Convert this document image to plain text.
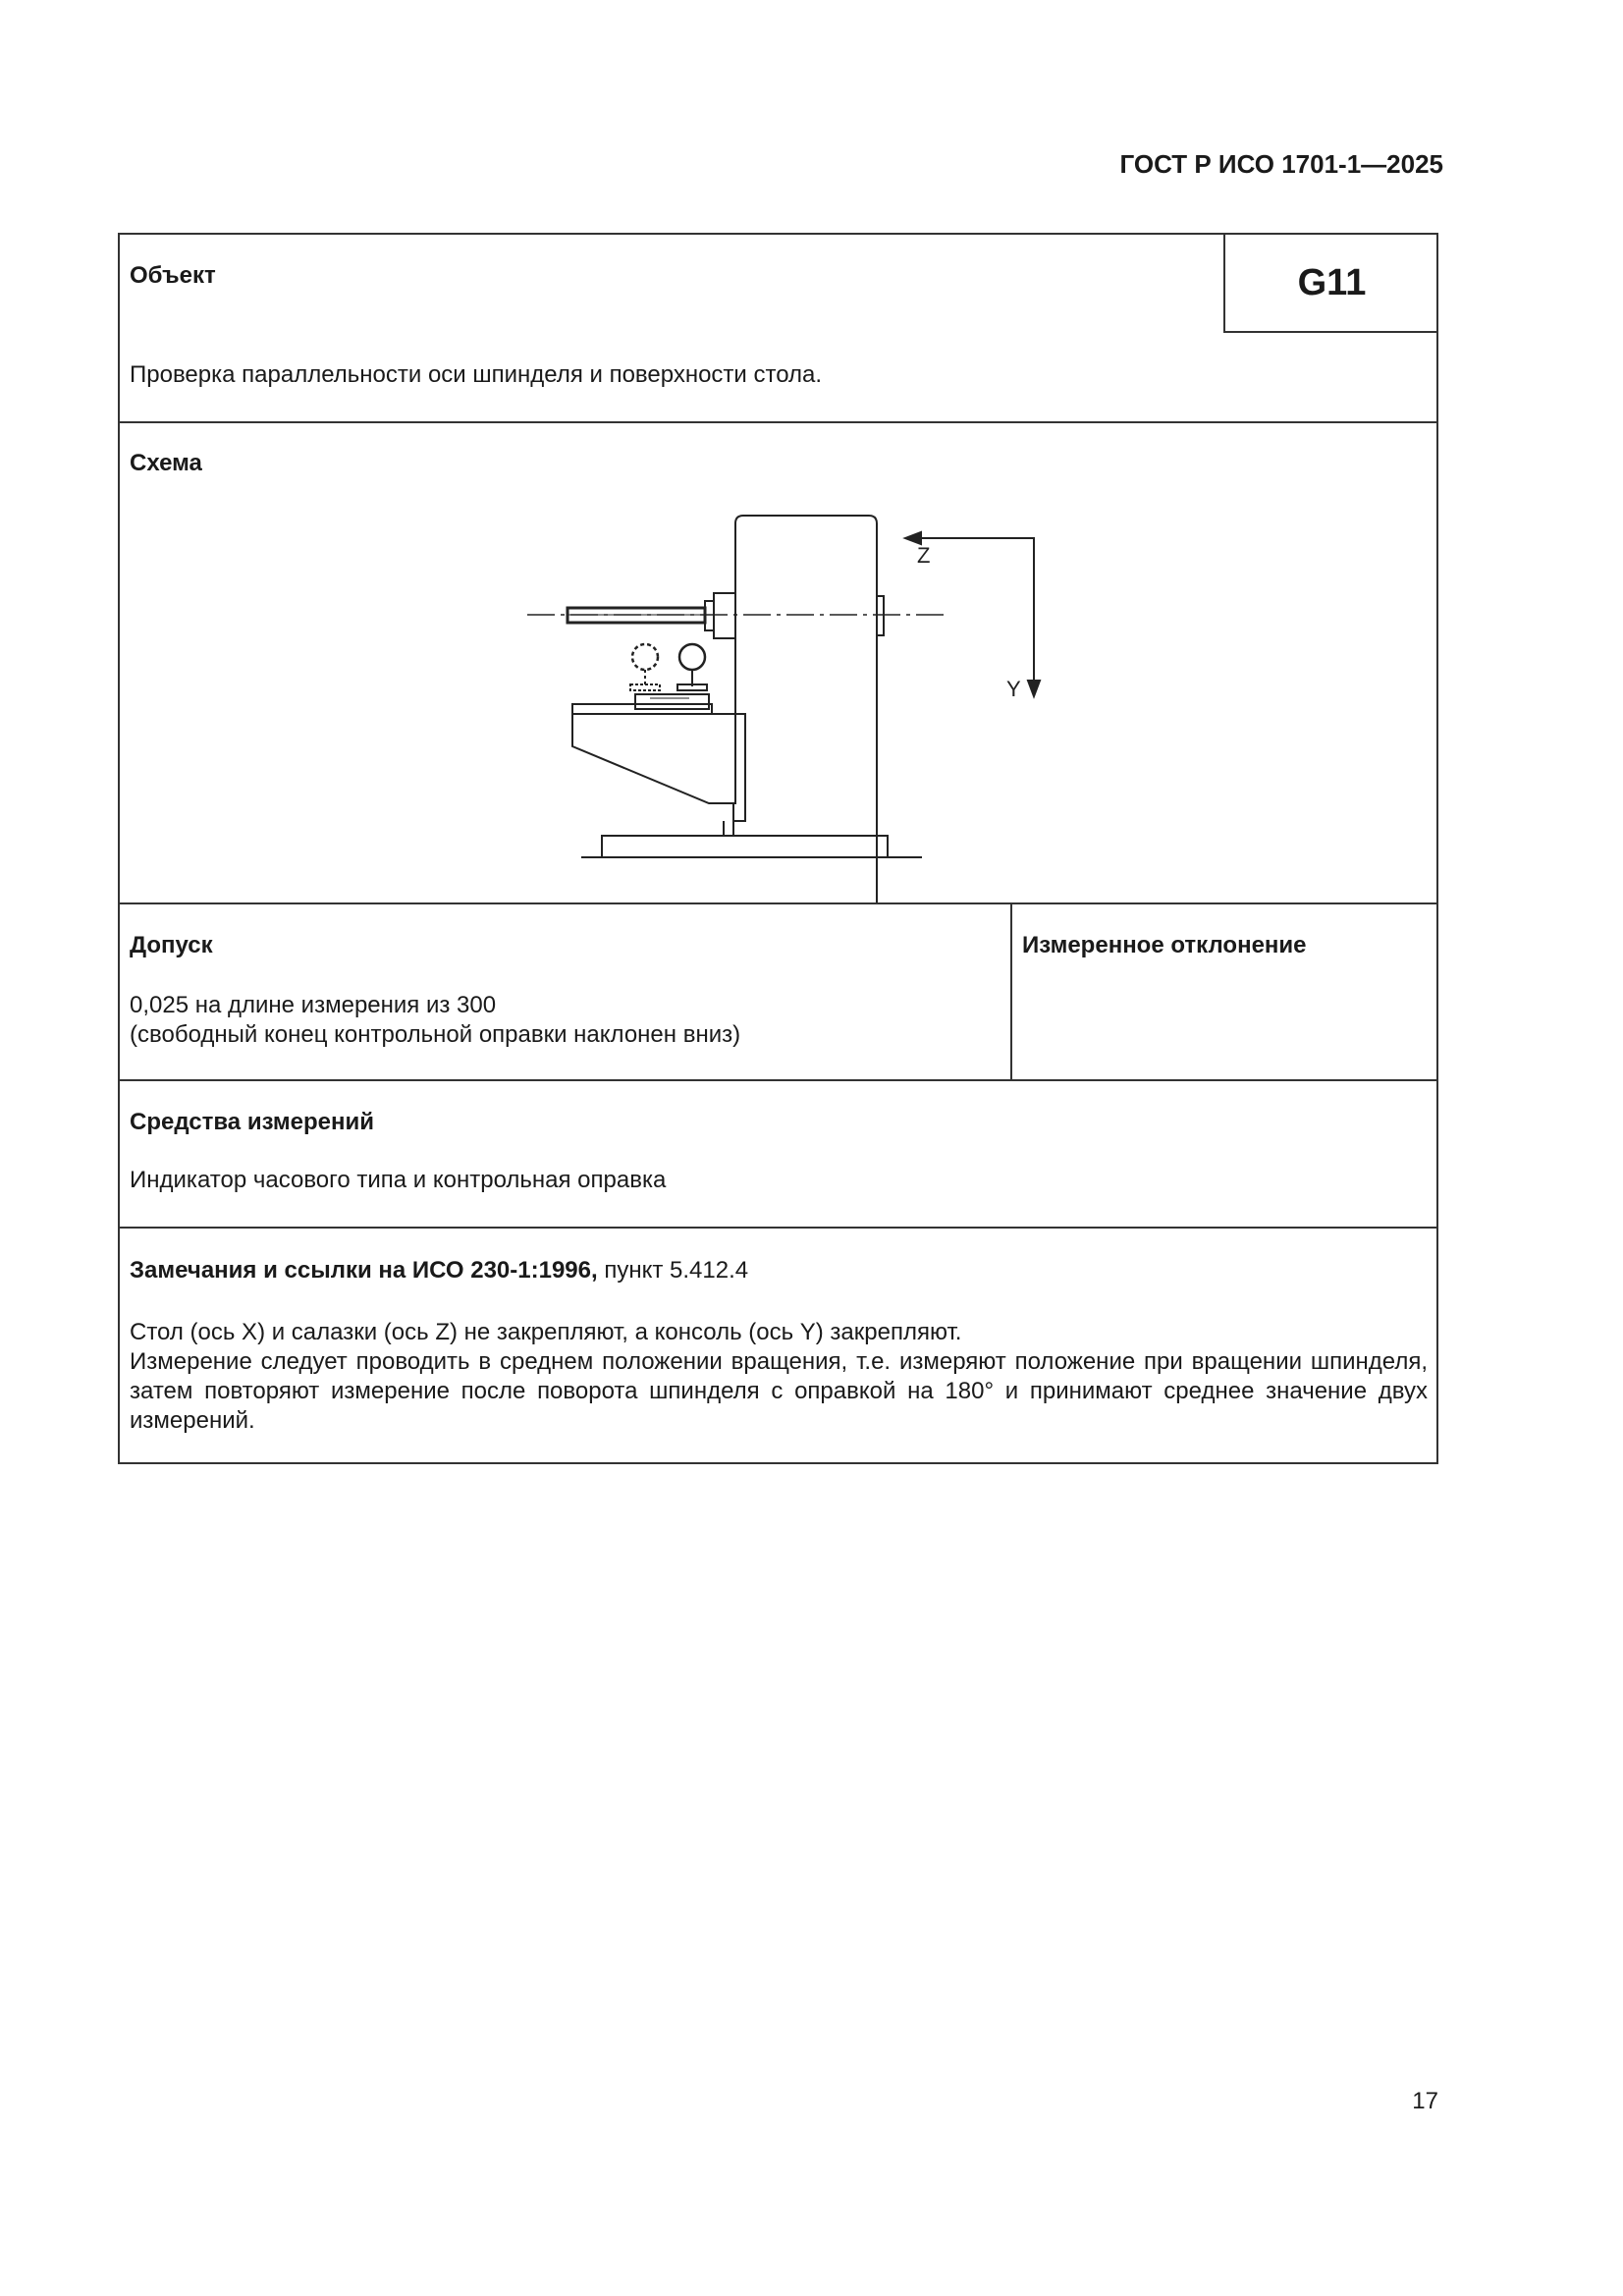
ГОСТ Р ИСО 1701-1—2025
Объект	G11
Проверка параллельности оси шпинделя и поверхности стола.
Схема
Z
Y
Допуск
0,025 на длине измерения из 300
(свободный конец контрольной оправки наклонен вниз)
Измеренное отклонение
Средства измерений
Индикатор часового типа и контрольная оправка
Замечания и ссылки на ИСО 230-1:1996, пункт 5.412.4

Стол (ось X) и салазки (ось Z) не закрепляют, а консоль (ось Y) закрепляют.

Измерение следует проводить в среднем положении вращения, т.е. измеряют положение при вращении шпинделя, затем повторяют измерение после поворота шпинделя с оправкой на 180° и принимают среднее значение двух измерений.

17
